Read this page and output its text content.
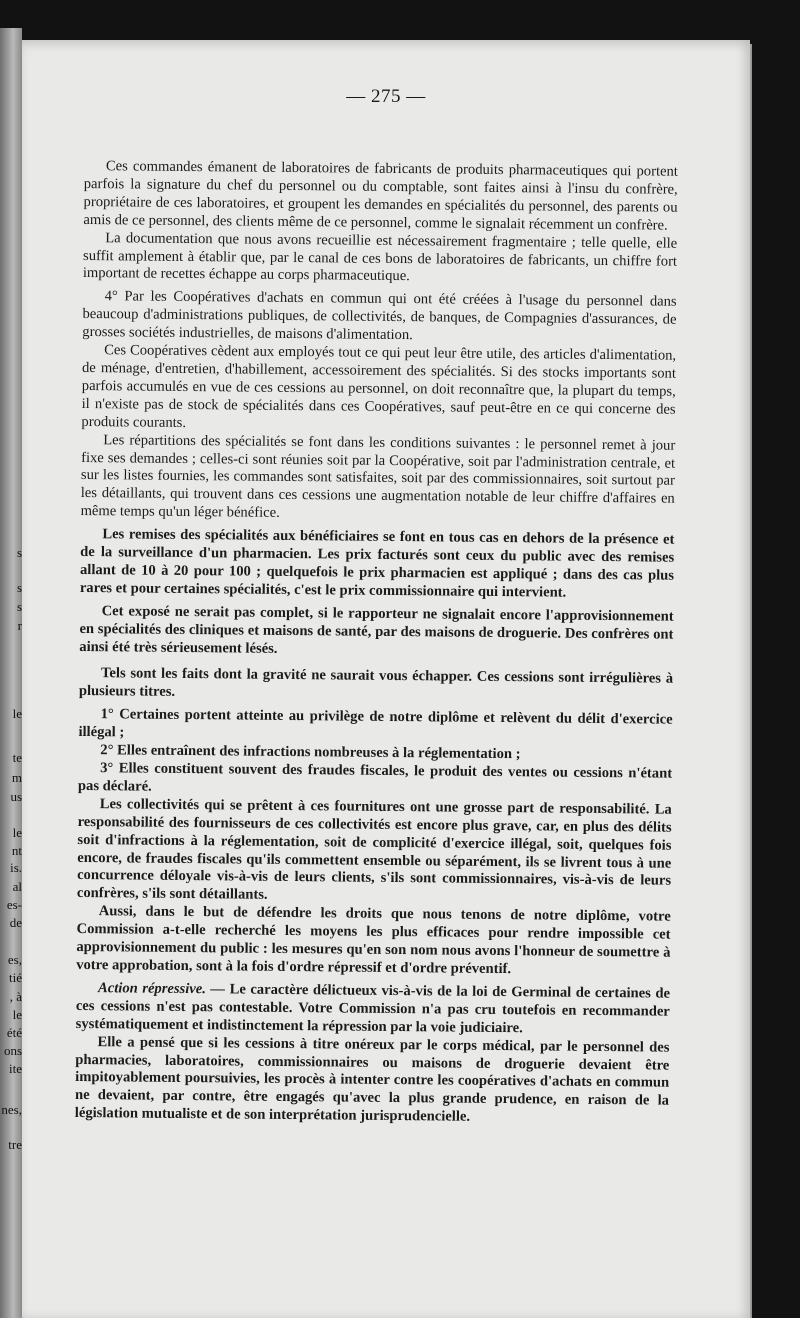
s
s
s
r
le
te
m
us
le
nt
is.
al
es-
de
es,
tié
, à
le
été
ons
ite
nes,
tre
— 275 —

Ces commandes émanent de laboratoires de fabricants de produits pharmaceutiques qui portent parfois la signature du chef du personnel ou du comptable, sont faites ainsi à l'insu du confrère, propriétaire de ces laboratoires, et groupent les demandes en spécialités du personnel, des parents ou amis de ce personnel, des clients même de ce personnel, comme le signalait récemment un confrère.

La documentation que nous avons recueillie est nécessairement fragmentaire ; telle quelle, elle suffit amplement à établir que, par le canal de ces bons de laboratoires de fabricants, un chiffre fort important de recettes échappe au corps pharmaceutique.

4° Par les Coopératives d'achats en commun qui ont été créées à l'usage du personnel dans beaucoup d'administrations publiques, de collectivités, de banques, de Compagnies d'assurances, de grosses sociétés industrielles, de maisons d'alimentation.

Ces Coopératives cèdent aux employés tout ce qui peut leur être utile, des articles d'alimentation, de ménage, d'entretien, d'habillement, accessoirement des spécialités. Si des stocks importants sont parfois accumulés en vue de ces cessions au personnel, on doit reconnaître que, la plupart du temps, il n'existe pas de stock de spécialités dans ces Coopératives, sauf peut-être en ce qui concerne des produits courants.

Les répartitions des spécialités se font dans les conditions suivantes : le personnel remet à jour fixe ses demandes ; celles-ci sont réunies soit par la Coopérative, soit par l'administration centrale, et sur les listes fournies, les commandes sont satisfaites, soit par des commissionnaires, soit surtout par les détaillants, qui trouvent dans ces cessions une augmentation notable de leur chiffre d'affaires en même temps qu'un léger bénéfice.

Les remises des spécialités aux bénéficiaires se font en tous cas en dehors de la présence et de la surveillance d'un pharmacien. Les prix facturés sont ceux du public avec des remises allant de 10 à 20 pour 100 ; quelquefois le prix pharmacien est appliqué ; dans des cas plus rares et pour certaines spécialités, c'est le prix commissionnaire qui intervient.

Cet exposé ne serait pas complet, si le rapporteur ne signalait encore l'approvisionnement en spécialités des cliniques et maisons de santé, par des maisons de droguerie. Des confrères ont ainsi été très sérieusement lésés.

Tels sont les faits dont la gravité ne saurait vous échapper. Ces cessions sont irrégulières à plusieurs titres.

1° Certaines portent atteinte au privilège de notre diplôme et relèvent du délit d'exercice illégal ;

2° Elles entraînent des infractions nombreuses à la réglementation ;

3° Elles constituent souvent des fraudes fiscales, le produit des ventes ou cessions n'étant pas déclaré.

Les collectivités qui se prêtent à ces fournitures ont une grosse part de responsabilité. La responsabilité des fournisseurs de ces collectivités est encore plus grave, car, en plus des délits soit d'infractions à la réglementation, soit de complicité d'exercice illégal, soit, quelques fois encore, de fraudes fiscales qu'ils commettent ensemble ou séparément, ils se livrent tous à une concurrence déloyale vis-à-vis de leurs clients, s'ils sont commissionnaires, vis-à-vis de leurs confrères, s'ils sont détaillants.

Aussi, dans le but de défendre les droits que nous tenons de notre diplôme, votre Commission a-t-elle recherché les moyens les plus efficaces pour rendre impossible cet approvisionnement du public : les mesures qu'en son nom nous avons l'honneur de soumettre à votre approbation, sont à la fois d'ordre répressif et d'ordre préventif.

Action répressive. — Le caractère délictueux vis-à-vis de la loi de Germinal de certaines de ces cessions n'est pas contestable. Votre Commission n'a pas cru toutefois en recommander systématiquement et indistinctement la répression par la voie judiciaire.

Elle a pensé que si les cessions à titre onéreux par le corps médical, par le personnel des pharmacies, laboratoires, commissionnaires ou maisons de droguerie devaient être impitoyablement poursuivies, les procès à intenter contre les coopératives d'achats en commun ne devaient, par contre, être engagés qu'avec la plus grande prudence, en raison de la législation mutualiste et de son interprétation jurisprudencielle.
